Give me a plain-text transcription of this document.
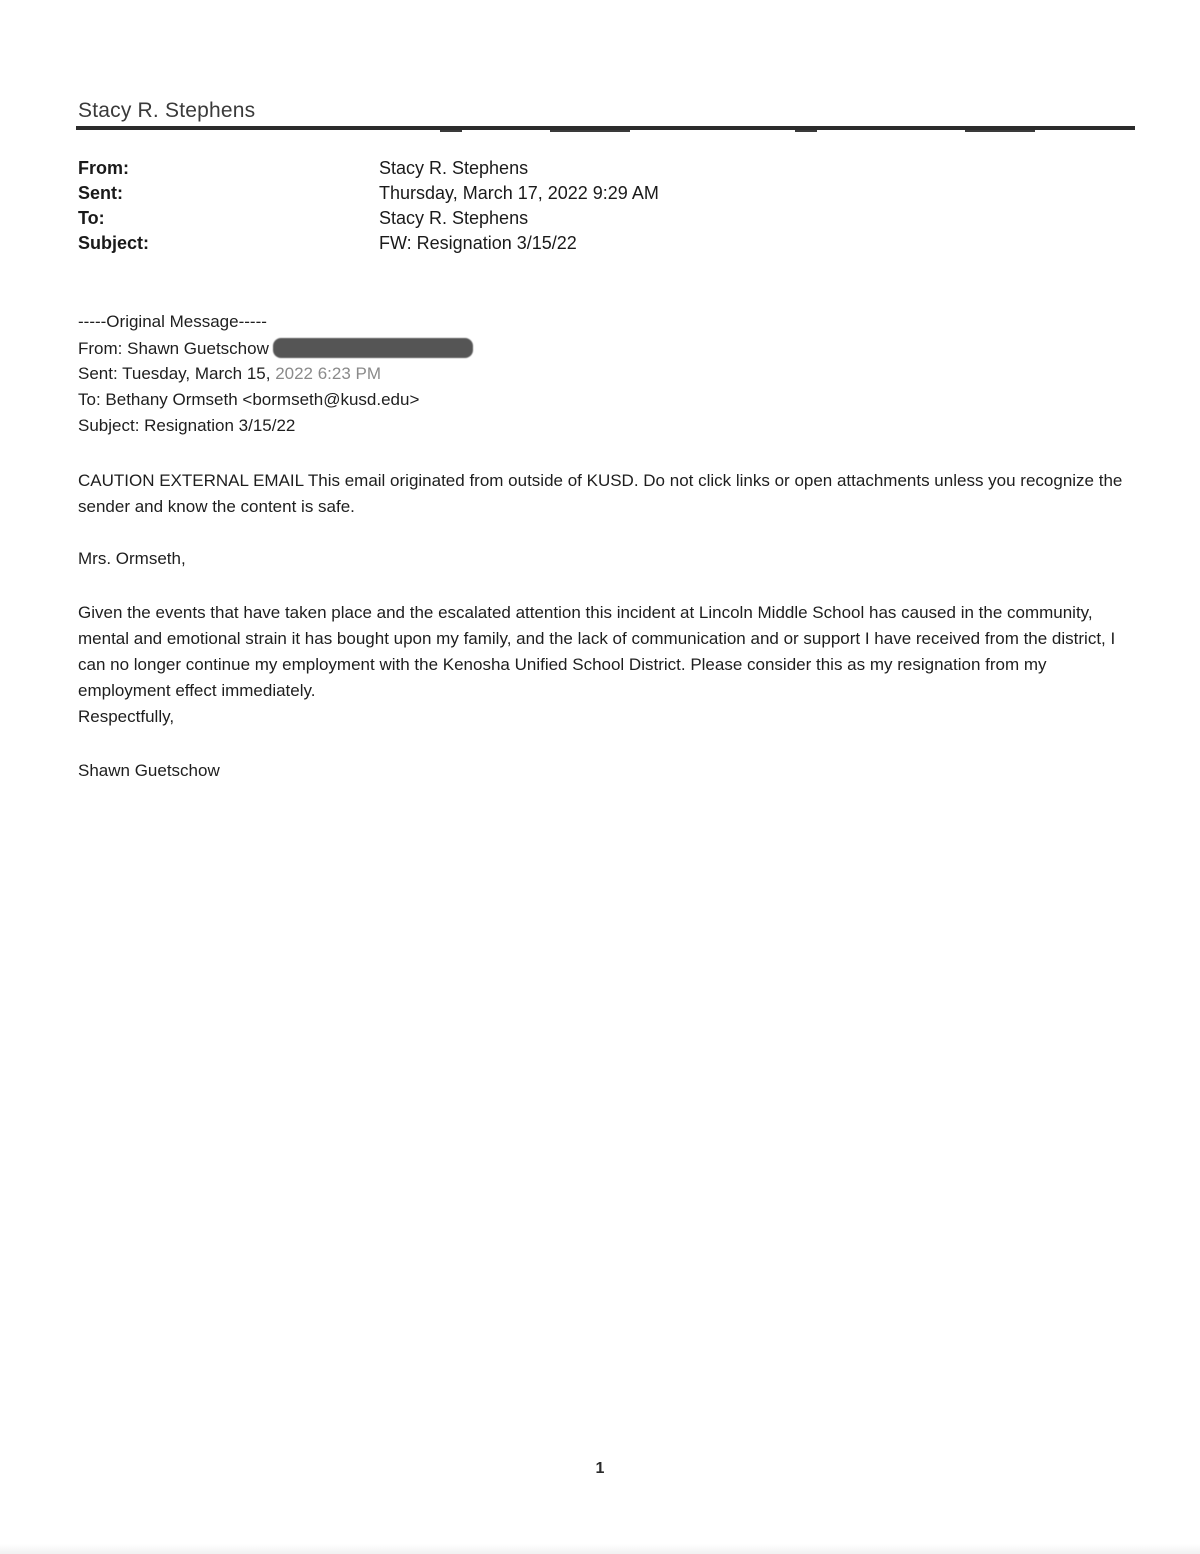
Stacy R. Stephens
From:	Stacy R. Stephens
Sent:	Thursday, March 17, 2022 9:29 AM
To:	Stacy R. Stephens
Subject:	FW: Resignation 3/15/22
-----Original Message-----
From: Shawn Guetschow
Sent: Tuesday, March 15, 2022 6:23 PM
To: Bethany Ormseth <bormseth@kusd.edu>
Subject: Resignation 3/15/22
CAUTION EXTERNAL EMAIL This email originated from outside of KUSD. Do not click links or open attachments unless you recognize the sender and know the content is safe.
Mrs. Ormseth,
Given the events that have taken place and the escalated attention this incident at Lincoln Middle School has caused in the community, mental and emotional strain it has bought upon my family, and the lack of communication and or support I have received from the district, I can no longer continue my employment with the Kenosha Unified School District. Please consider this as my resignation from my employment effect immediately.
Respectfully,
Shawn Guetschow
1
